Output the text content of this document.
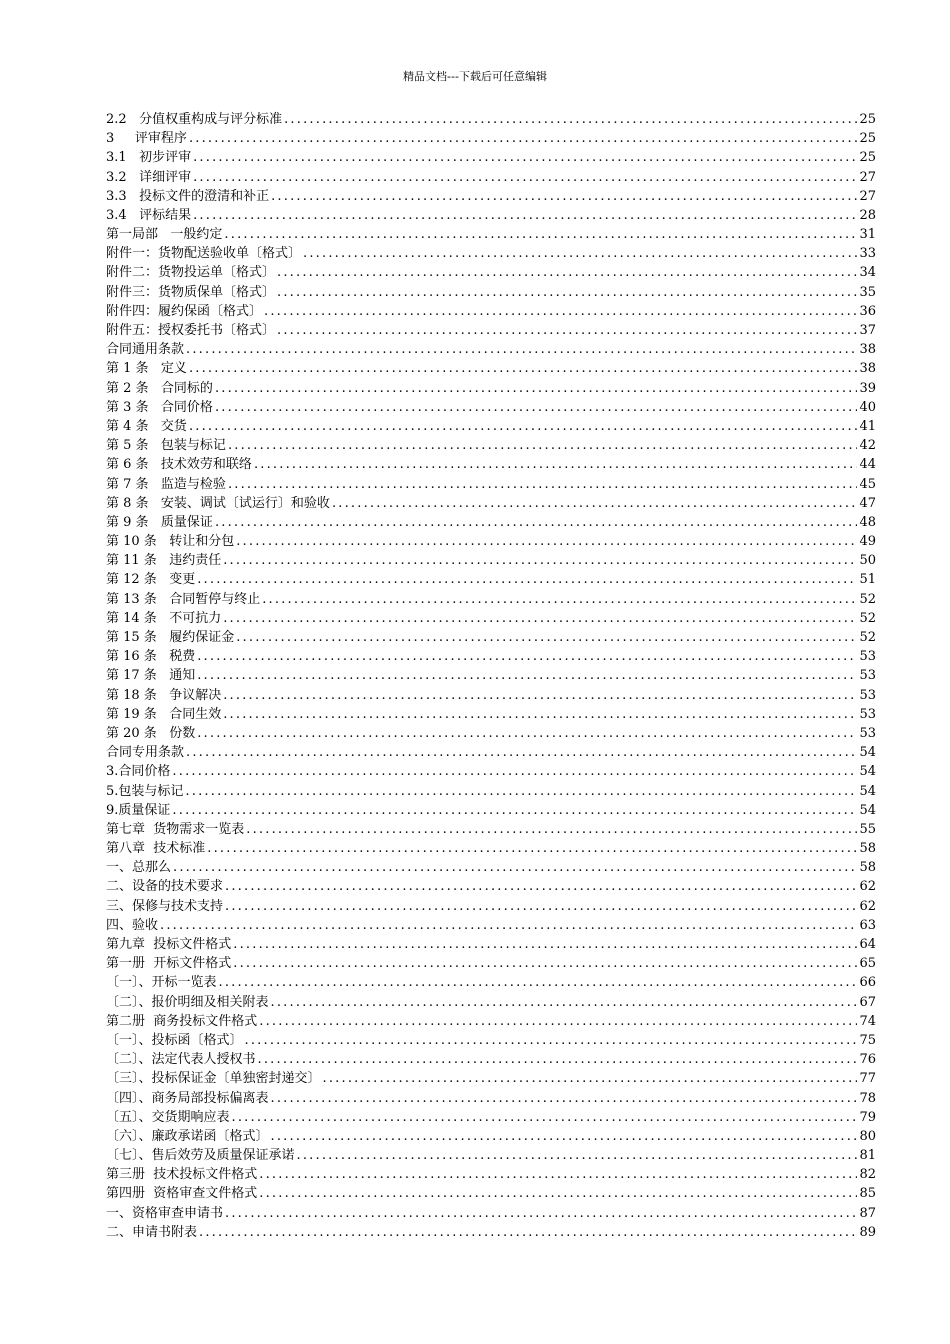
精品文档---下载后可任意编辑
2.2   分值权重构成与评分标准 .....	25
3     评审程序 .....	25
3.1   初步评审 .....	25
3.2   详细评审 .....	27
3.3   投标文件的澄清和补正 .....	27
3.4   评标结果 .....	28
第一局部   一般约定 .....	31
附件一：货物配送验收单〔格式〕 .....	33
附件二：货物投运单〔格式〕 .....	34
附件三：货物质保单〔格式〕 .....	35
附件四：履约保函〔格式〕 .....	36
附件五：授权委托书〔格式〕 .....	37
合同通用条款 .....	38
第 1 条   定义 .....	38
第 2 条   合同标的 .....	39
第 3 条   合同价格 .....	40
第 4 条   交货 .....	41
第 5 条   包装与标记 .....	42
第 6 条   技术效劳和联络 .....	44
第 7 条   监造与检验 .....	45
第 8 条   安装、调试〔试运行〕和验收 .....	47
第 9 条   质量保证 .....	48
第 10 条   转让和分包 .....	49
第 11 条   违约责任 .....	50
第 12 条   变更 .....	51
第 13 条   合同暂停与终止 .....	52
第 14 条   不可抗力 .....	52
第 15 条   履约保证金 .....	52
第 16 条   税费 .....	53
第 17 条   通知 .....	53
第 18 条   争议解决 .....	53
第 19 条   合同生效 .....	53
第 20 条   份数 .....	53
合同专用条款 .....	54
3.合同价格 .....	54
5.包装与标记 .....	54
9.质量保证 .....	54
第七章  货物需求一览表 .....	55
第八章  技术标准 .....	58
一、总那么 .....	58
二、设备的技术要求 .....	62
三、保修与技术支持 .....	62
四、验收 .....	63
第九章  投标文件格式 .....	64
第一册  开标文件格式 .....	65
〔一〕、开标一览表 .....	66
〔二〕、报价明细及相关附表 .....	67
第二册  商务投标文件格式 .....	74
〔一〕、投标函〔格式〕 .....	75
〔二〕、法定代表人授权书 .....	76
〔三〕、投标保证金〔单独密封递交〕 .....	77
〔四〕、商务局部投标偏离表 .....	78
〔五〕、交货期响应表 .....	79
〔六〕、廉政承诺函〔格式〕 .....	80
〔七〕、售后效劳及质量保证承诺 .....	81
第三册  技术投标文件格式 .....	82
第四册  资格审查文件格式 .....	85
一、资格审查申请书 .....	87
二、申请书附表 .....	89
